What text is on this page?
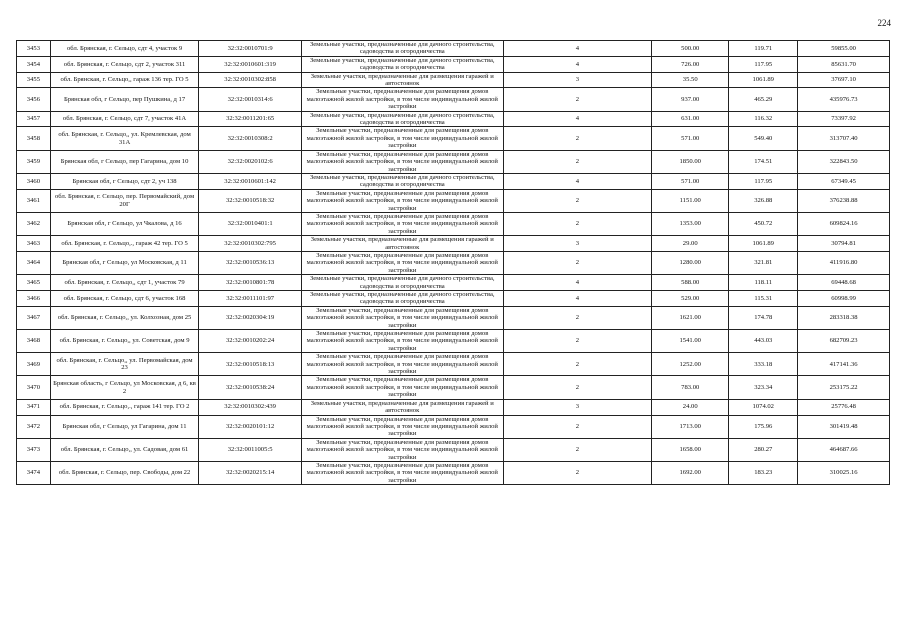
224
3453	обл. Брянская, г. Сельцо, сдт 4, участок 9	32:32:0010701:9	Земельные участки, предназначенные для дачного строительства, садоводства и огородничества	4	500.00	119.71	59855.00
3454	обл. Брянская, г. Сельцо, сдт 2, участок 311	32:32:0010601:319	Земельные участки, предназначенные для дачного строительства, садоводства и огородничества	4	726.00	117.95	85631.70
3455	обл. Брянская, г. Сельцо,, гараж 136 тер. ГО 5	32:32:0010302:858	Земельные участки, предназначенные для размещения гаражей и автостоянок	3	35.50	1061.89	37697.10
3456	Брянская обл, г Сельцо, пер Пушкина, д 17	32:32:0010314:6	Земельные участки, предназначенные для размещения домов малоэтажной жилой застройки, в том числе индивидуальной жилой застройки	2	937.00	465.29	435976.73
3457	обл. Брянская, г. Сельцо, сдт 7, участок 41А	32:32:0011201:65	Земельные участки, предназначенные для дачного строительства, садоводства и огородничества	4	631.00	116.32	73397.92
3458	обл. Брянская, г. Сельцо,, ул. Кремлевская, дом 31А	32:32:0010308:2	Земельные участки, предназначенные для размещения домов малоэтажной жилой застройки, в том числе индивидуальной жилой застройки	2	571.00	549.40	313707.40
3459	Брянская обл, г Сельцо, пер Гагарина, дом 10	32:32:0020102:6	Земельные участки, предназначенные для размещения домов малоэтажной жилой застройки, в том числе индивидуальной жилой застройки	2	1850.00	174.51	322843.50
3460	Брянская обл, г Сельцо, сдт 2, уч 138	32:32:0010601:142	Земельные участки, предназначенные для дачного строительства, садоводства и огородничества	4	571.00	117.95	67349.45
3461	обл. Брянская, г. Сельцо, пер. Первомайский, дом 20Г	32:32:0010518:32	Земельные участки, предназначенные для размещения домов малоэтажной жилой застройки, в том числе индивидуальной жилой застройки	2	1151.00	326.88	376238.88
3462	Брянская обл, г Сельцо, ул Чкалова, д 16	32:32:0010401:1	Земельные участки, предназначенные для размещения домов малоэтажной жилой застройки, в том числе индивидуальной жилой застройки	2	1353.00	450.72	609824.16
3463	обл. Брянская, г. Сельцо,., гараж 42 тер. ГО 5	32:32:0010302:795	Земельные участки, предназначенные для размещения гаражей и автостоянок	3	29.00	1061.89	30794.81
3464	Брянская обл, г Сельцо, ул Московская, д 11	32:32:0010536:13	Земельные участки, предназначенные для размещения домов малоэтажной жилой застройки, в том числе индивидуальной жилой застройки	2	1280.00	321.81	411916.80
3465	обл. Брянская, г. Сельцо,, сдт 1, участок 79	32:32:0010801:78	Земельные участки, предназначенные для дачного строительства, садоводства и огородничества	4	588.00	118.11	69448.68
3466	обл. Брянская, г. Сельцо, сдт 6, участок 168	32:32:0011101:97	Земельные участки, предназначенные для дачного строительства, садоводства и огородничества	4	529.00	115.31	60998.99
3467	обл. Брянская, г. Сельцо,, ул. Колхозная, дом 25	32:32:0020304:19	Земельные участки, предназначенные для размещения домов малоэтажной жилой застройки, в том числе индивидуальной жилой застройки	2	1621.00	174.78	283318.38
3468	обл. Брянская, г. Сельцо,, ул. Советская, дом 9	32:32:0010202:24	Земельные участки, предназначенные для размещения домов малоэтажной жилой застройки, в том числе индивидуальной жилой застройки	2	1541.00	443.03	682709.23
3469	обл. Брянская, г. Сельцо,, ул. Первомайская, дом 23	32:32:0010518:13	Земельные участки, предназначенные для размещения домов малоэтажной жилой застройки, в том числе индивидуальной жилой застройки	2	1252.00	333.18	417141.36
3470	Брянская область, г Сельцо, ул Московская, д 6, кв 2	32:32:0010538:24	Земельные участки, предназначенные для размещения домов малоэтажной жилой застройки, в том числе индивидуальной жилой застройки	2	783.00	323.34	253175.22
3471	обл. Брянская, г. Сельцо,., гараж 141 тер. ГО 2	32:32:0010302:439	Земельные участки, предназначенные для размещения гаражей и автостоянок	3	24.00	1074.02	25776.48
3472	Брянская обл, г Сельцо, ул Гагарина, дом 11	32:32:0020101:12	Земельные участки, предназначенные для размещения домов малоэтажной жилой застройки, в том числе индивидуальной жилой застройки	2	1713.00	175.96	301419.48
3473	обл. Брянская, г. Сельцо,, ул. Садовая, дом 61	32:32:0011005:5	Земельные участки, предназначенные для размещения домов малоэтажной жилой застройки, в том числе индивидуальной жилой застройки	2	1658.00	280.27	464687.66
3474	обл. Брянская, г. Сельцо, пер. Свободы, дом 22	32:32:0020215:14	Земельные участки, предназначенные для размещения домов малоэтажной жилой застройки, в том числе индивидуальной жилой застройки	2	1692.00	183.23	310025.16
